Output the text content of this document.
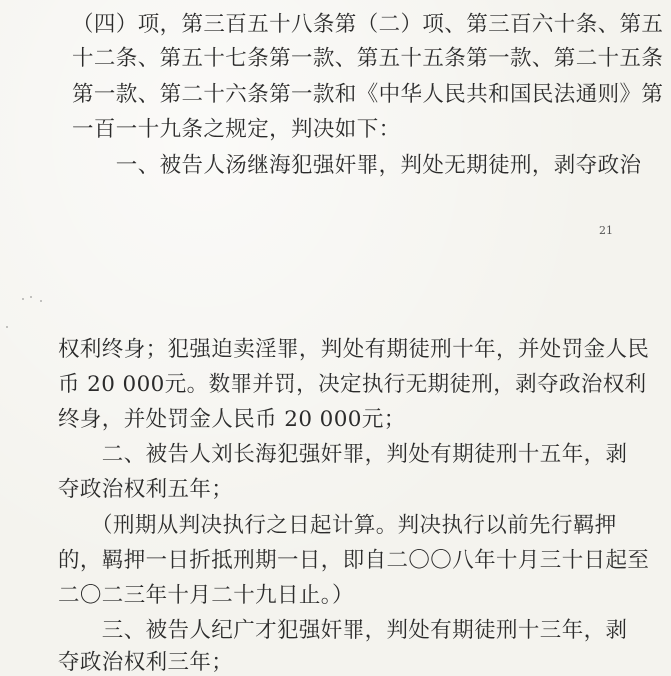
（四）项，第三百五十八条第（二）项、第三百六十条、第五
十二条、第五十七条第一款、第五十五条第一款、第二十五条
第一款、第二十六条第一款和《中华人民共和国民法通则》第
一百一十九条之规定，判决如下：
　　一、被告人汤继海犯强奸罪，判处无期徒刑，剥夺政治
21
权利终身；犯强迫卖淫罪，判处有期徒刑十年，并处罚金人民
币 20 000元。数罪并罚，决定执行无期徒刑，剥夺政治权利
终身，并处罚金人民币 20 000元；
　　二、被告人刘长海犯强奸罪，判处有期徒刑十五年，剥
夺政治权利五年；
　　（刑期从判决执行之日起计算。判决执行以前先行羁押
的，羁押一日折抵刑期一日，即自二〇〇八年十月三十日起至
二〇二三年十月二十九日止。）
　　三、被告人纪广才犯强奸罪，判处有期徒刑十三年，剥
夺政治权利三年；
